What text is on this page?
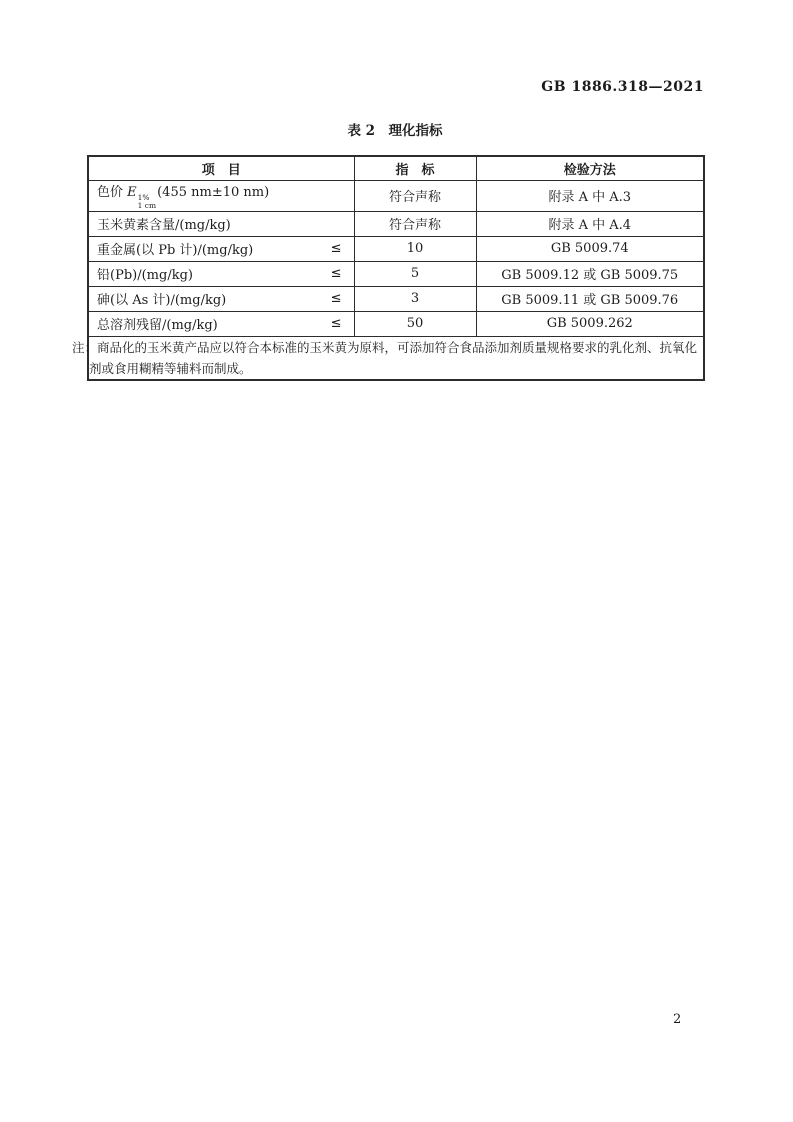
GB 1886.318—2021
表 2　理化指标
项　目	指　标	检验方法

色价 E 1%
1 cm
(455 nm±10 nm)	符合声称	附录 A 中 A.3

玉米黄素含量/(mg/kg)	符合声称	附录 A 中 A.4

重金属(以 Pb 计)/(mg/kg) ≤	10	GB 5009.74

铅(Pb)/(mg/kg) ≤	5	GB 5009.12 或 GB 5009.75

砷(以 As 计)/(mg/kg) ≤	3	GB 5009.11 或 GB 5009.76

总溶剂残留/(mg/kg) ≤	50	GB 5009.262
注：商品化的玉米黄产品应以符合本标准的玉米黄为原料，可添加符合食品添加剂质量规格要求的乳化剂、抗氧化剂或食用糊精等辅料而制成。		
2
